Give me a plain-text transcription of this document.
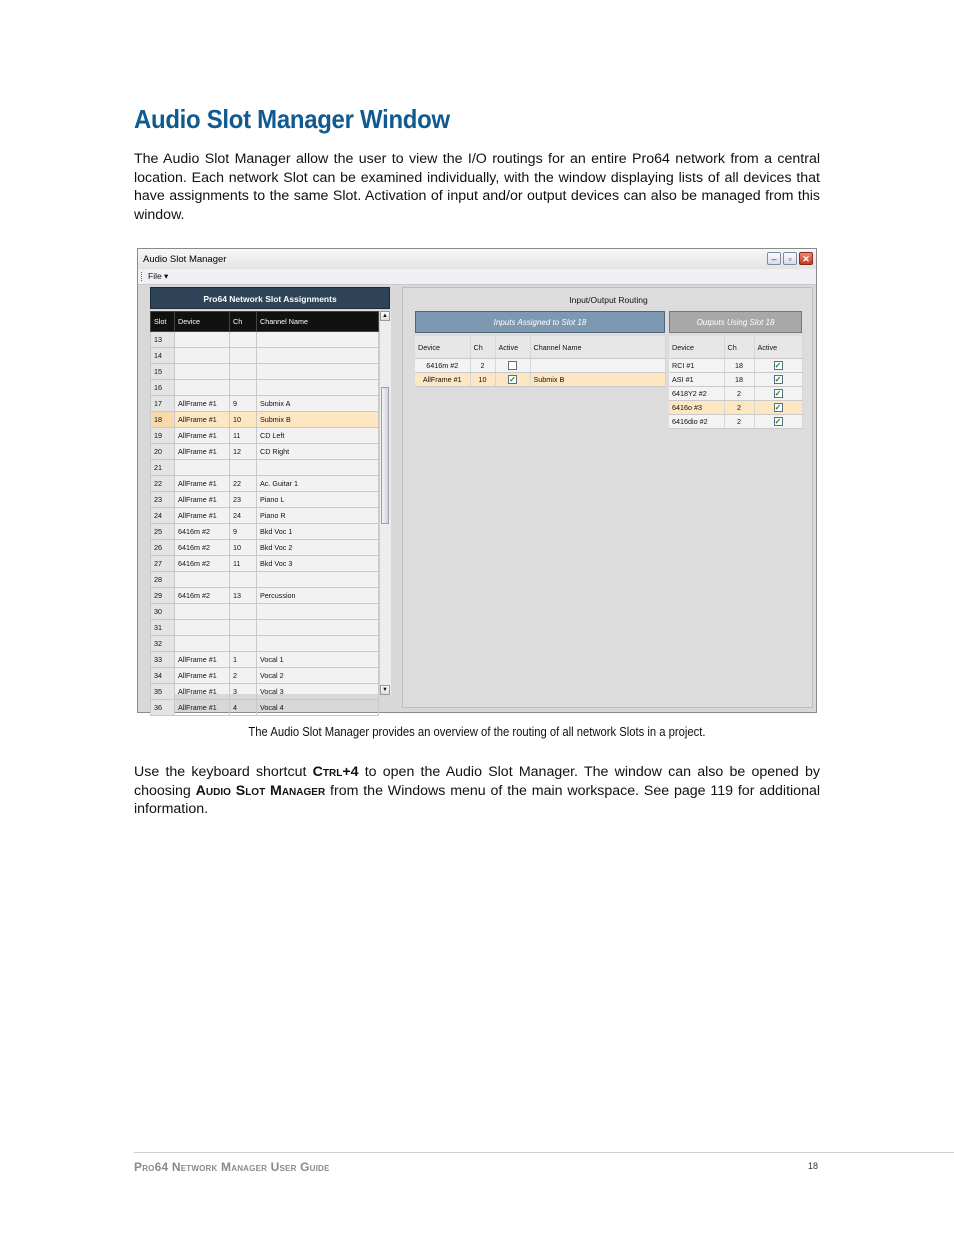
Audio Slot Manager Window

The Audio Slot Manager allow the user to view the I/O routings for an entire Pro64 network from a central location. Each network Slot can be examined individually, with the window displaying lists of all devices that have assignments to the same Slot. Activation of input and/or output devices can also be managed from this window.

Audio Slot Manager	–	▫	✕
File ▾
Pro64 Network Slot Assignments
Slot	Device	Ch	Channel Name
13			
14			
15			
16			
17	AllFrame #1	9	Submix A
18	AllFrame #1	10	Submix B
19	AllFrame #1	11	CD Left
20	AllFrame #1	12	CD Right
21			
22	AllFrame #1	22	Ac. Guitar 1
23	AllFrame #1	23	Piano L
24	AllFrame #1	24	Piano R
25	6416m #2	9	Bkd Voc 1
26	6416m #2	10	Bkd Voc 2
27	6416m #2	11	Bkd Voc 3
28			
29	6416m #2	13	Percussion
30			
31			
32			
33	AllFrame #1	1	Vocal 1
34	AllFrame #1	2	Vocal 2
35	AllFrame #1	3	Vocal 3
36	AllFrame #1	4	Vocal 4
▲
▼
Input/Output Routing
Inputs Assigned to Slot 18	Outputs Using Slot 18
Device	Ch	Active	Channel Name
6416m #2	2		
AllFrame #1	10	✓	Submix B
Device	Ch	Active
RCI #1	18	✓
ASI #1	18	✓
6418Y2 #2	2	✓
6416o #3	2	✓
6416dio #2	2	✓
The Audio Slot Manager provides an overview of the routing of all network Slots in a project.

Use the keyboard shortcut Ctrl+4 to open the Audio Slot Manager. The window can also be opened by choosing Audio Slot Manager from the Windows menu of the main workspace. See page 119 for additional information.

Pro64 Network Manager User Guide	18
